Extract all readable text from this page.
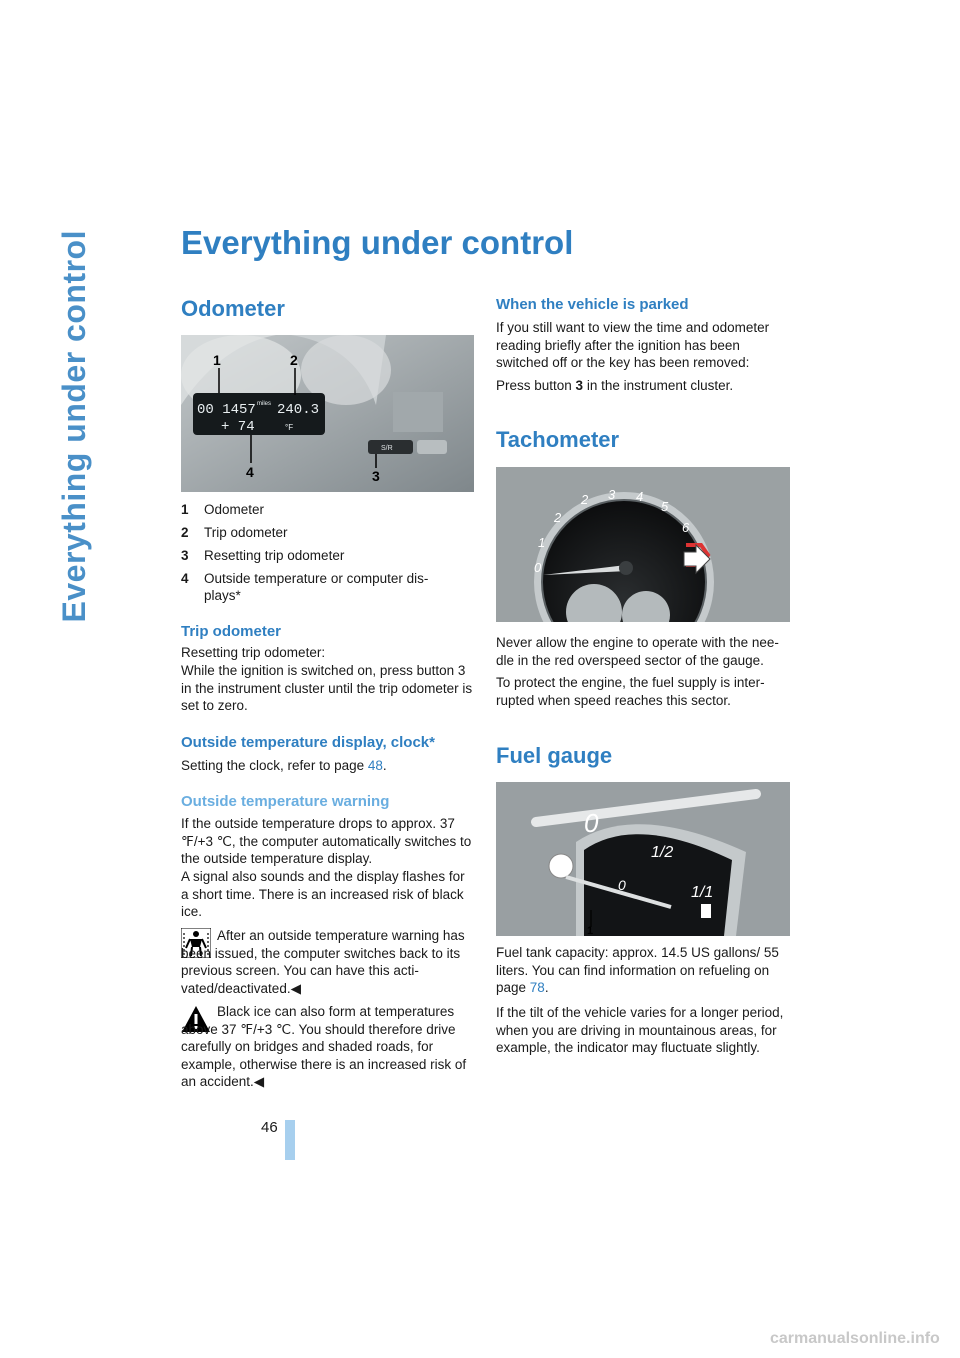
Everything under control
46
Everything under control
Odometer
00 1457 miles 240.3
+ 74	°F
S/R
1	2
3
4
1 Odometer
2 Trip odometer
3 Resetting trip odometer
4 Outside temperature or computer dis-plays*
Trip odometer

Resetting trip odometer:

While the ignition is switched on, press button 3 in the instrument cluster until the trip odometer is set to zero.

Outside temperature display, clock*

Setting the clock, refer to page 48.

Outside temperature warning

If the outside temperature drops to approx. 37 ℉/+3 ℃, the computer automatically switches to the outside temperature display.

A signal also sounds and the display flashes for a short time. There is an increased risk of black ice.

After an outside temperature warning has been issued, the computer switches back to its previous screen. You can have this acti-vated/deactivated.◀

Black ice can also form at temperatures above 37 ℉/+3 ℃. You should therefore drive carefully on bridges and shaded roads, for example, otherwise there is an increased risk of an accident.◀

When the vehicle is parked

If you still want to view the time and odometer reading briefly after the ignition has been switched off or the key has been removed:

Press button 3 in the instrument cluster.

Tachometer
0
1
2
2 3 4
5
6

Never allow the engine to operate with the nee-dle in the red overspeed sector of the gauge.

To protect the engine, the fuel supply is inter-rupted when speed reaches this sector.

Fuel gauge
0
0
1/2
1/1
1

Fuel tank capacity: approx. 14.5 US gallons/ 55 liters. You can find information on refueling on page 78.

If the tilt of the vehicle varies for a longer period, when you are driving in mountainous areas, for example, the indicator may fluctuate slightly.

carmanualsonline.info
